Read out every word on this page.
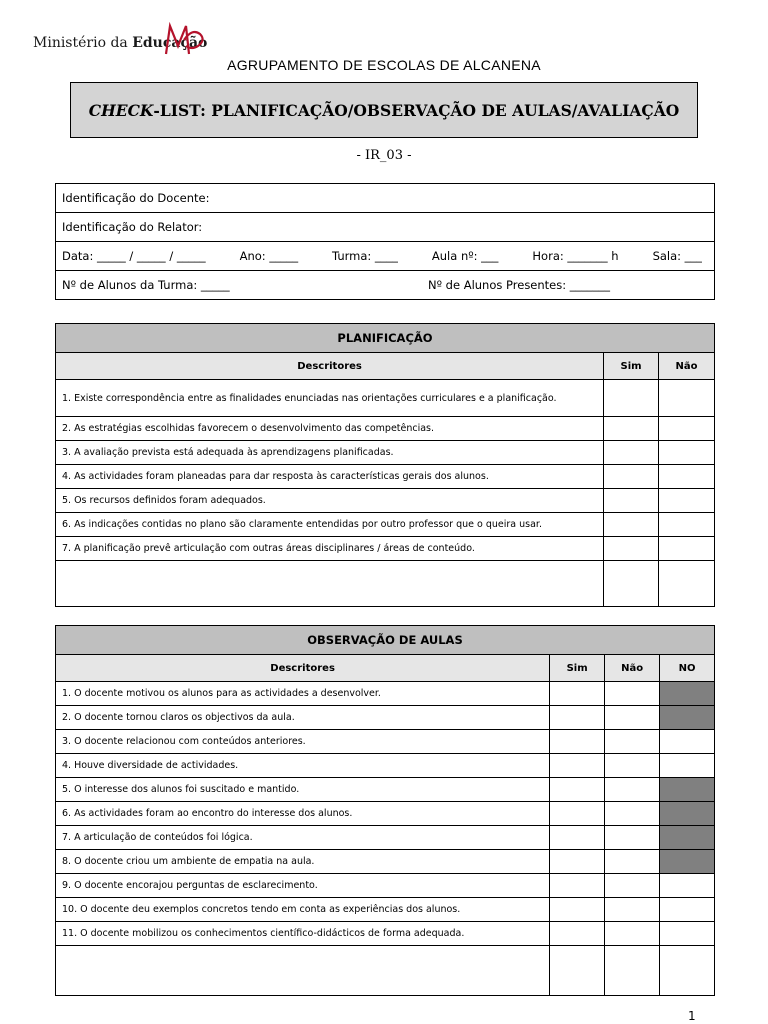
Ministério da Educação
AGRUPAMENTO DE ESCOLAS DE ALCANENA
CHECK -LIST: PLANIFICAÇÃO/OBSERVAÇÃO DE AULAS/AVALIAÇÃO
- IR_03 -
Identificação do Docente:
Identificação do Relator:

Data: _____ / _____ / _____	Ano: _____	Turma: ____	Aula nº: ___	Hora: _______ h	Sala: ___

Nº de Alunos da Turma: _____	Nº de Alunos Presentes: _______
PLANIFICAÇÃO		
Descritores	Sim	Não
1. Existe correspondência entre as finalidades enunciadas nas orientações curriculares e a planificação.		
2. As estratégias escolhidas favorecem o desenvolvimento das competências.		
3. A avaliação prevista está adequada às aprendizagens planificadas.		
4. As actividades foram planeadas para dar resposta às características gerais dos alunos.		
5. Os recursos definidos foram adequados.		
6. As indicações contidas no plano são claramente entendidas por outro professor que o queira usar.		
7. A planificação prevê articulação com outras áreas disciplinares / áreas de conteúdo.		

OBSERVAÇÃO DE AULAS			
Descritores	Sim	Não	NO
1. O docente motivou os alunos para as actividades a desenvolver.			
2. O docente tornou claros os objectivos da aula.			
3. O docente relacionou com conteúdos anteriores.			
4. Houve diversidade de actividades.			
5. O interesse dos alunos foi suscitado e mantido.			
6. As actividades foram ao encontro do interesse dos alunos.			
7. A articulação de conteúdos foi lógica.			
8. O docente criou um ambiente de empatia na aula.			
9. O docente encorajou perguntas de esclarecimento.			
10. O docente deu exemplos concretos tendo em conta as experiências dos alunos.			
11. O docente mobilizou os conhecimentos científico-didácticos de forma adequada.			

1
